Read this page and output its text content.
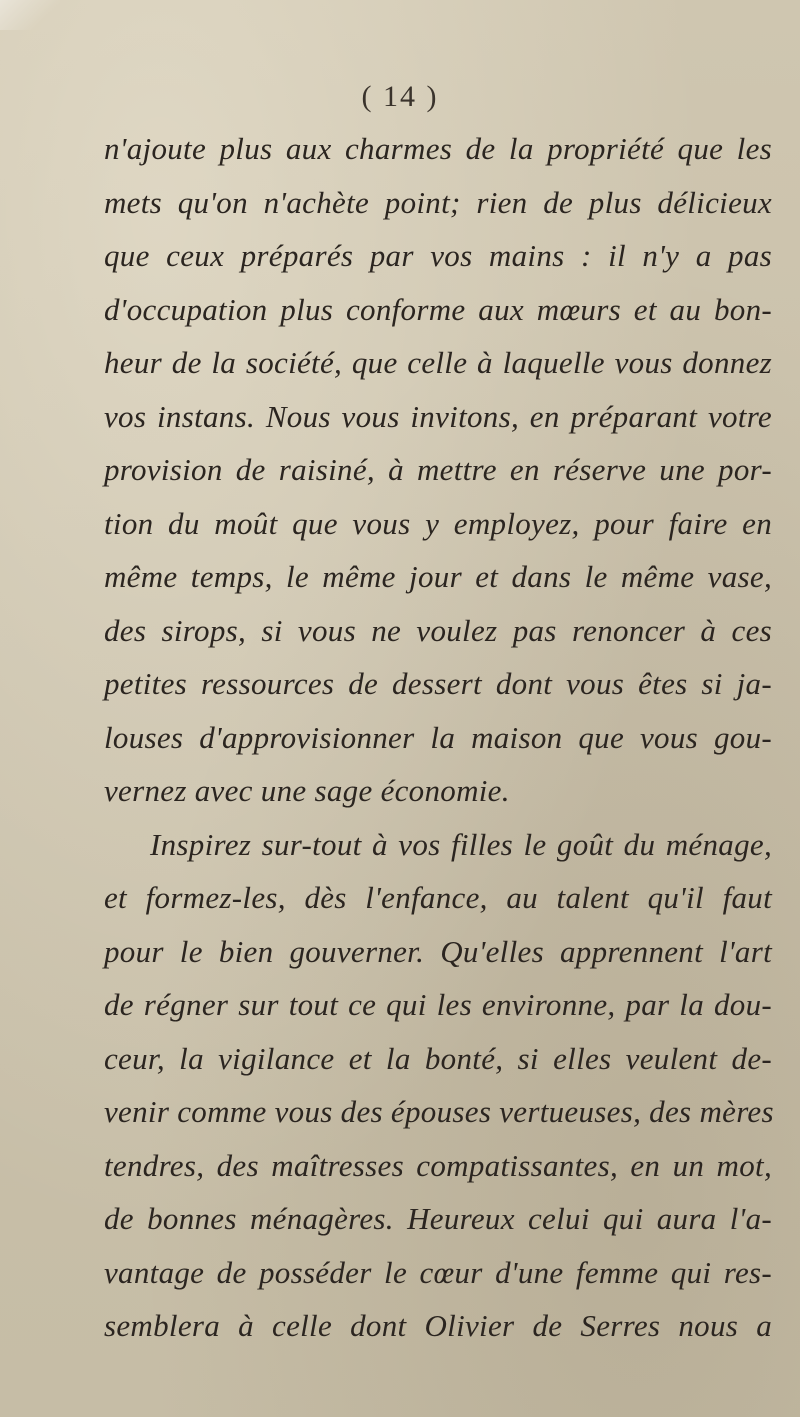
( 14 )
n'ajoute plus aux charmes de la propriété que les
mets qu'on n'achète point; rien de plus délicieux
que ceux préparés par vos mains : il n'y a pas
d'occupation plus conforme aux mœurs et au bon-
heur de la société, que celle à laquelle vous donnez
vos instans. Nous vous invitons, en préparant votre
provision de raisiné, à mettre en réserve une por-
tion du moût que vous y employez, pour faire en
même temps, le même jour et dans le même vase,
des sirops, si vous ne voulez pas renoncer à ces
petites ressources de dessert dont vous êtes si ja-
louses d'approvisionner la maison que vous gou-
vernez avec une sage économie.
Inspirez sur-tout à vos filles le goût du ménage,
et formez-les, dès l'enfance, au talent qu'il faut
pour le bien gouverner. Qu'elles apprennent l'art
de régner sur tout ce qui les environne, par la dou-
ceur, la vigilance et la bonté, si elles veulent de-
venir comme vous des épouses vertueuses, des mères
tendres, des maîtresses compatissantes, en un mot,
de bonnes ménagères. Heureux celui qui aura l'a-
vantage de posséder le cœur d'une femme qui res-
semblera à celle dont Olivier de Serres nous a
